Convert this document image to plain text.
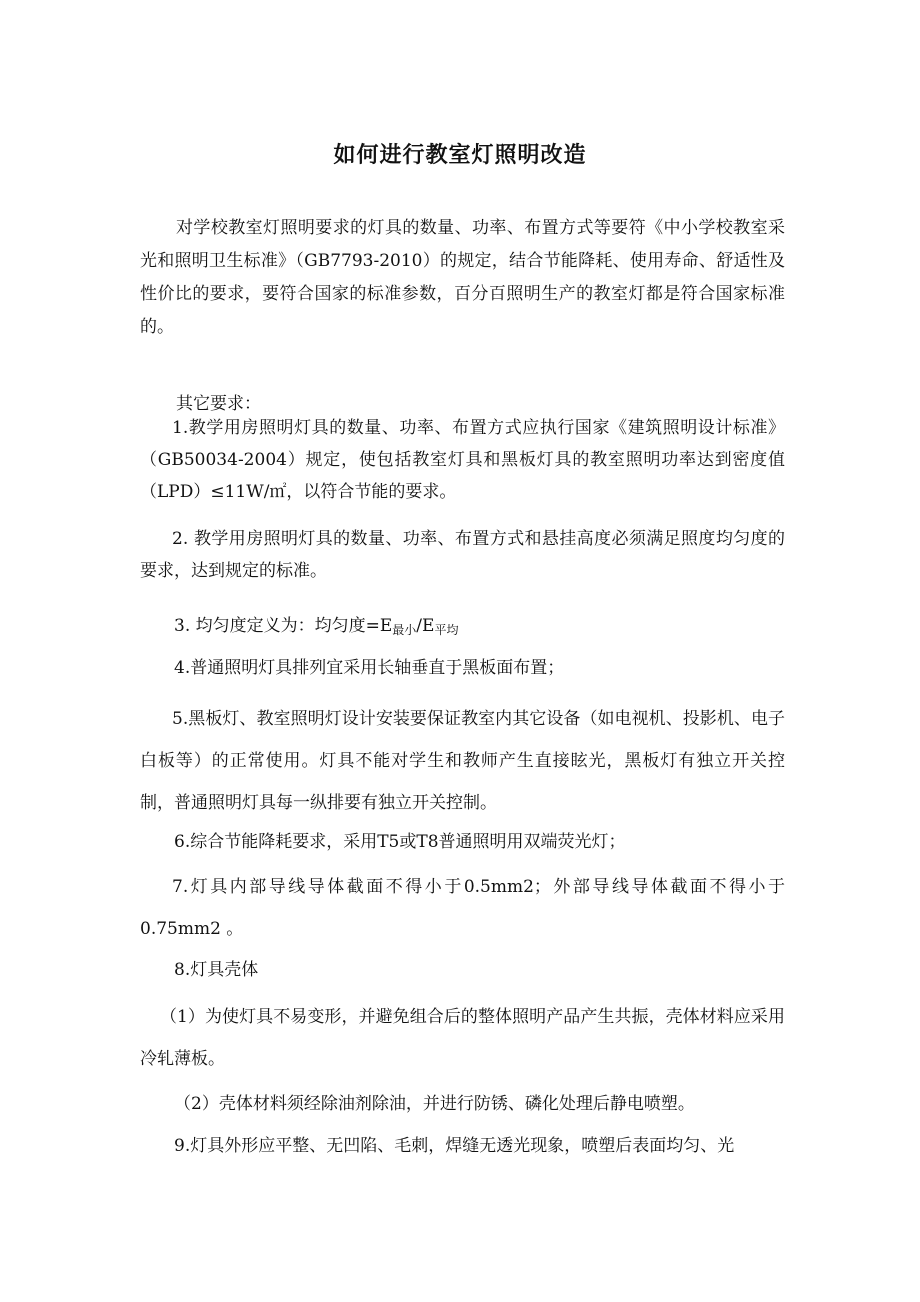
如何进行教室灯照明改造

对学校教室灯照明要求的灯具的数量、功率、布置方式等要符《中小学校教室采光和照明卫生标准》（GB7793-2010）的规定，结合节能降耗、使用寿命、舒适性及性价比的要求，要符合国家的标准参数，百分百照明生产的教室灯都是符合国家标准的。

其它要求：

1.教学用房照明灯具的数量、功率、布置方式应执行国家《建筑照明设计标准》（GB50034-2004）规定，使包括教室灯具和黑板灯具的教室照明功率达到密度值（LPD）≤11W/㎡，以符合节能的要求。

2. 教学用房照明灯具的数量、功率、布置方式和悬挂高度必须满足照度均匀度的要求，达到规定的标准。

3. 均匀度定义为：均匀度$=E_{最小}/E_{平均}$
4.普通照明灯具排列宜采用长轴垂直于黑板面布置；

5.黑板灯、教室照明灯设计安装要保证教室内其它设备（如电视机、投影机、电子白板等）的正常使用。灯具不能对学生和教师产生直接眩光，黑板灯有独立开关控制，普通照明灯具每一纵排要有独立开关控制。

6.综合节能降耗要求，采用T5或T8普通照明用双端荧光灯；

7.灯具内部导线导体截面不得小于0.5mm2；外部导线导体截面不得小于0.75mm2 。

8.灯具壳体

（1）为使灯具不易变形，并避免组合后的整体照明产品产生共振，壳体材料应采用冷轧薄板。

（2）壳体材料须经除油剂除油，并进行防锈、磷化处理后静电喷塑。
9.灯具外形应平整、无凹陷、毛刺，焊缝无透光现象，喷塑后表面均匀、光
